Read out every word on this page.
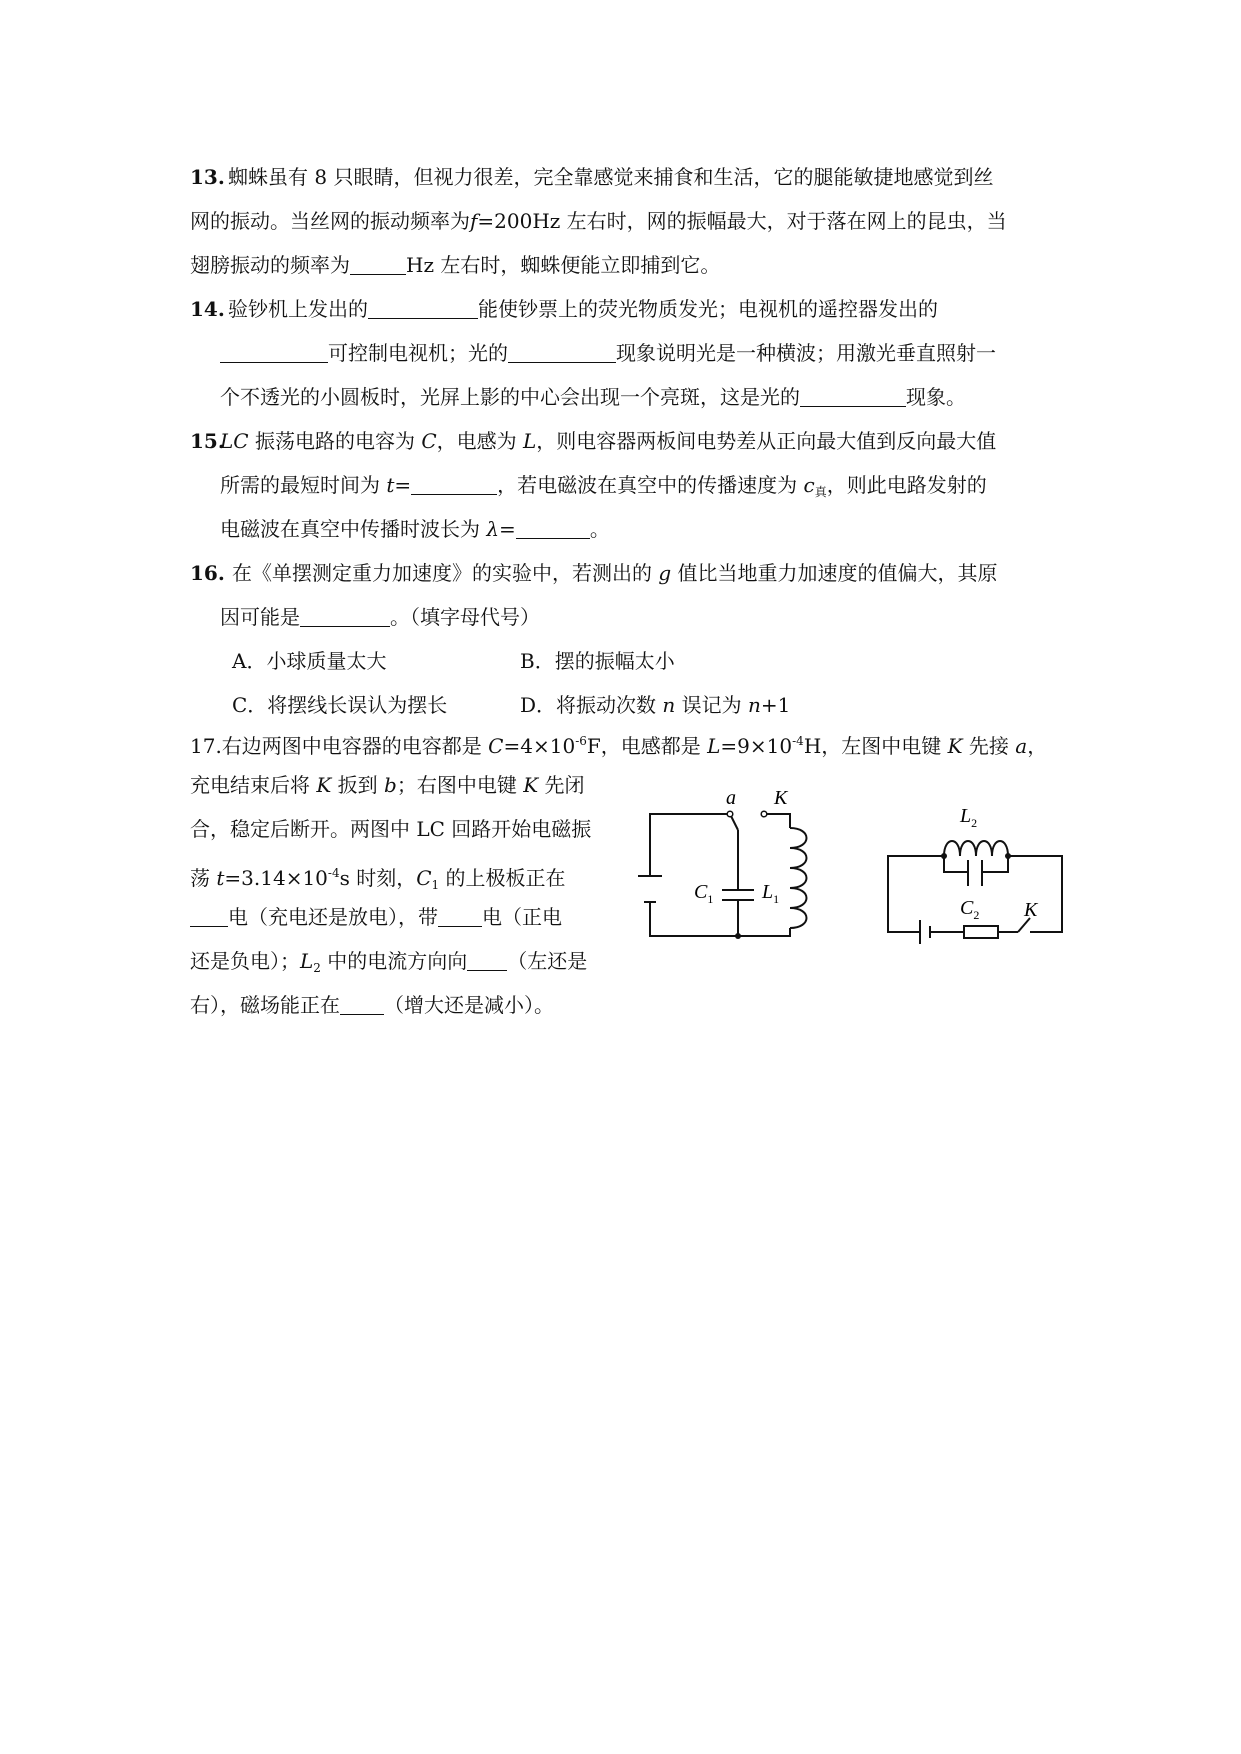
13. 蜘蛛虽有 8 只眼睛，但视力很差，完全靠感觉来捕食和生活，它的腿能敏捷地感觉到丝
网的振动。当丝网的振动频率为f=200Hz 左右时，网的振幅最大，对于落在网上的昆虫，当
翅膀振动的频率为	Hz 左右时，蜘蛛便能立即捕到它。
14. 验钞机上发出的	能使钞票上的荧光物质发光；电视机的遥控器发出的
可控制电视机；光的	现象说明光是一种横波；用激光垂直照射一
个不透光的小圆板时，光屏上影的中心会出现一个亮斑，这是光的	现象。
15.
LC 振荡电路的电容为 C，电感为 L，则电容器两板间电势差从正向最大值到反向最大值
所需的最短时间为 t=	，若电磁波在真空中的传播速度为 $c_真$，则此电路发射的
电磁波在真空中传播时波长为 λ=	。
16. 在《单摆测定重力加速度》的实验中，若测出的 g 值比当地重力加速度的值偏大，其原
因可能是	。（填字母代号）
A．小球质量太大	B．摆的振幅太小
C．将摆线长误认为摆长	D．将振动次数 n 误记为 n+1
17.右边两图中电容器的电容都是 $C=4\times 10^{-6}F$，电感都是 $L=9\times 10^{-4}H$，左图中电键 K 先接 a，
充电结束后将 K 扳到 b；右图中电键 K 先闭
合，稳定后断开。两图中 LC 回路开始电磁振
荡 $t=3.14\times 10^{-4}s$ 时刻，$C_1$ 的上极板正在
电（充电还是放电），带 电（正电
还是负电）；$L_2$ 中的电流方向向 （左还是
右），磁场能正在 （增大还是减小）。
a K
$C_1$ $L_1$
$L_2$
$C_2$ K
